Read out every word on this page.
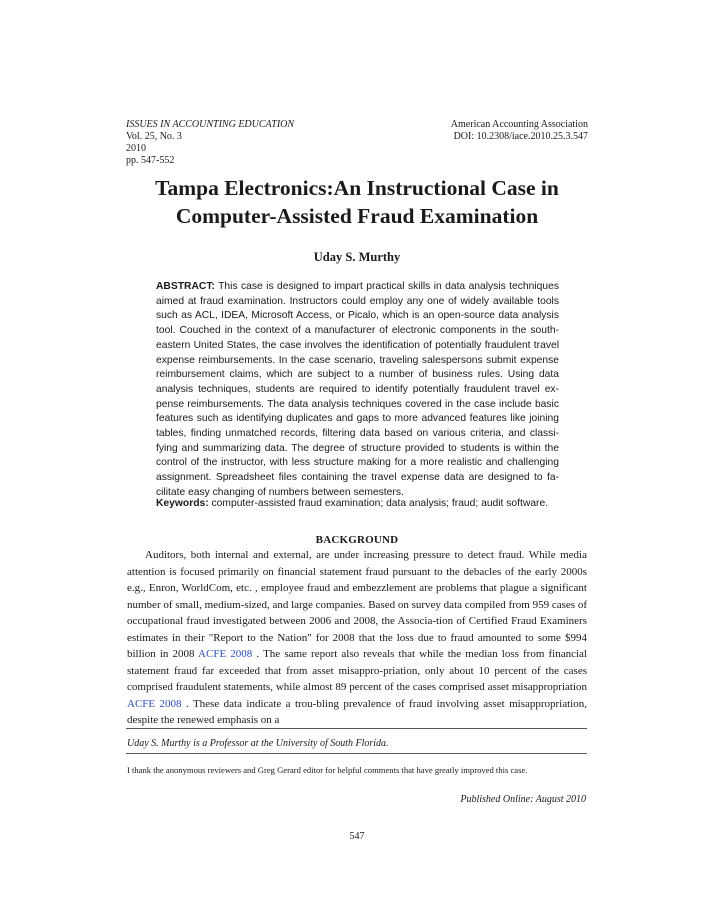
ISSUES IN ACCOUNTING EDUCATION
Vol. 25, No. 3
2010
pp. 547-552
American Accounting Association
DOI: 10.2308/iace.2010.25.3.547
Tampa Electronics:An Instructional Case in
Computer-Assisted Fraud Examination
Uday S. Murthy
ABSTRACT: This case is designed to impart practical skills in data analysis techniques aimed at fraud examination. Instructors could employ any one of widely available tools such as ACL, IDEA, Microsoft Access, or Picalo, which is an open-source data analysis tool. Couched in the context of a manufacturer of electronic components in the south-eastern United States, the case involves the identification of potentially fraudulent travel expense reimbursements. In the case scenario, traveling salespersons submit expense reimbursement claims, which are subject to a number of business rules. Using data analysis techniques, students are required to identify potentially fraudulent travel ex-pense reimbursements. The data analysis techniques covered in the case include basic features such as identifying duplicates and gaps to more advanced features like joining tables, finding unmatched records, filtering data based on various criteria, and classi-fying and summarizing data. The degree of structure provided to students is within the control of the instructor, with less structure making for a more realistic and challenging assignment. Spreadsheet files containing the travel expense data are designed to fa-cilitate easy changing of numbers between semesters.
Keywords: computer-assisted fraud examination; data analysis; fraud; audit software.
BACKGROUND
Auditors, both internal and external, are under increasing pressure to detect fraud. While media attention is focused primarily on financial statement fraud pursuant to the debacles of the early 2000s e.g., Enron, WorldCom, etc. , employee fraud and embezzlement are problems that plague a significant number of small, medium-sized, and large companies. Based on survey data compiled from 959 cases of occupational fraud investigated between 2006 and 2008, the Associa-tion of Certified Fraud Examiners estimates in their "Report to the Nation" for 2008 that the loss due to fraud amounted to some $994 billion in 2008 ACFE 2008 . The same report also reveals that while the median loss from financial statement fraud far exceeded that from asset misappro-priation, only about 10 percent of the cases comprised fraudulent statements, while almost 89 percent of the cases comprised asset misappropriation ACFE 2008 . These data indicate a trou-bling prevalence of fraud involving asset misappropriation, despite the renewed emphasis on a
Uday S. Murthy is a Professor at the University of South Florida.
I thank the anonymous reviewers and Greg Gerard editor for helpful comments that have greatly improved this case.
Published Online: August 2010
547
